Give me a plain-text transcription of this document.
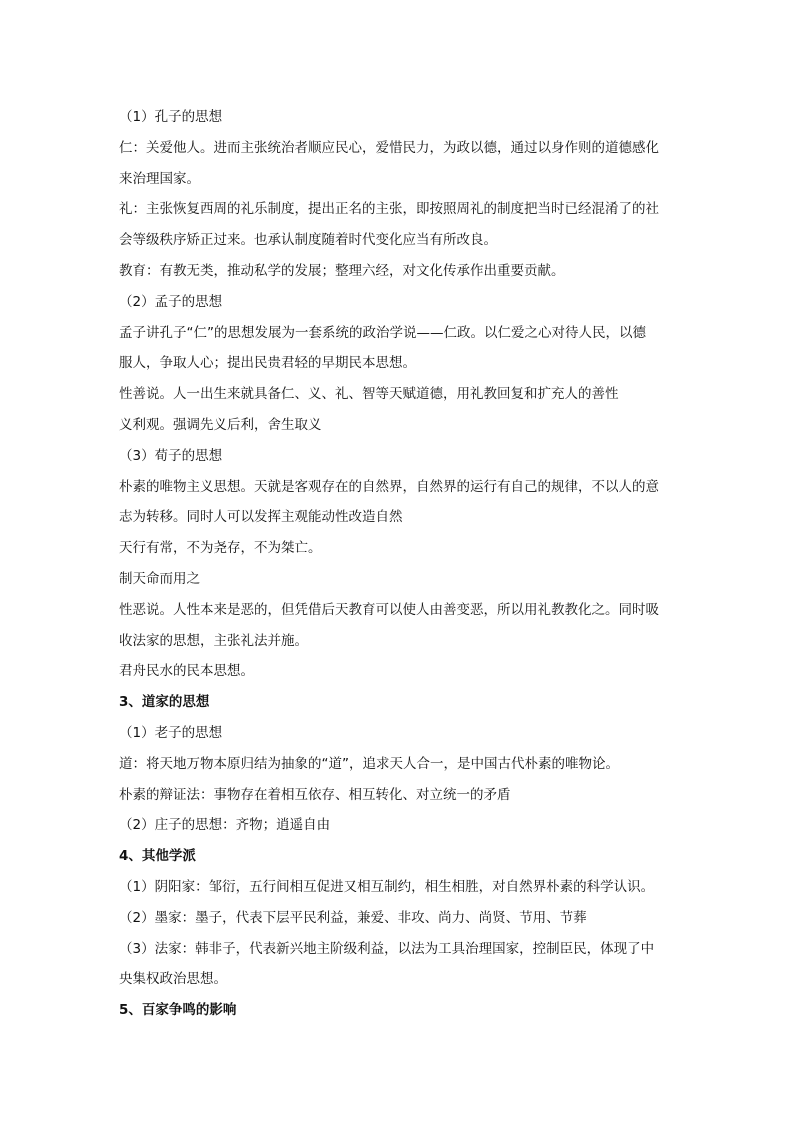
（1）孔子的思想
仁：关爱他人。进而主张统治者顺应民心，爱惜民力，为政以德，通过以身作则的道德感化
来治理国家。
礼：主张恢复西周的礼乐制度，提出正名的主张，即按照周礼的制度把当时已经混淆了的社
会等级秩序矫正过来。也承认制度随着时代变化应当有所改良。
教育：有教无类，推动私学的发展；整理六经，对文化传承作出重要贡献。
（2）孟子的思想
孟子讲孔子“仁”的思想发展为一套系统的政治学说——仁政。以仁爱之心对待人民，以德
服人，争取人心；提出民贵君轻的早期民本思想。
性善说。人一出生来就具备仁、义、礼、智等天赋道德，用礼教回复和扩充人的善性
义利观。强调先义后利，舍生取义
（3）荀子的思想
朴素的唯物主义思想。天就是客观存在的自然界，自然界的运行有自己的规律，不以人的意
志为转移。同时人可以发挥主观能动性改造自然
天行有常，不为尧存，不为桀亡。
制天命而用之
性恶说。人性本来是恶的，但凭借后天教育可以使人由善变恶，所以用礼教教化之。同时吸
收法家的思想，主张礼法并施。
君舟民水的民本思想。
3、道家的思想
（1）老子的思想
道：将天地万物本原归结为抽象的“道”，追求天人合一，是中国古代朴素的唯物论。
朴素的辩证法：事物存在着相互依存、相互转化、对立统一的矛盾
（2）庄子的思想：齐物；逍遥自由
4、其他学派
（1）阴阳家：邹衍，五行间相互促进又相互制约，相生相胜，对自然界朴素的科学认识。
（2）墨家：墨子，代表下层平民利益，兼爱、非攻、尚力、尚贤、节用、节葬
（3）法家：韩非子，代表新兴地主阶级利益，以法为工具治理国家，控制臣民，体现了中
央集权政治思想。
5、百家争鸣的影响
